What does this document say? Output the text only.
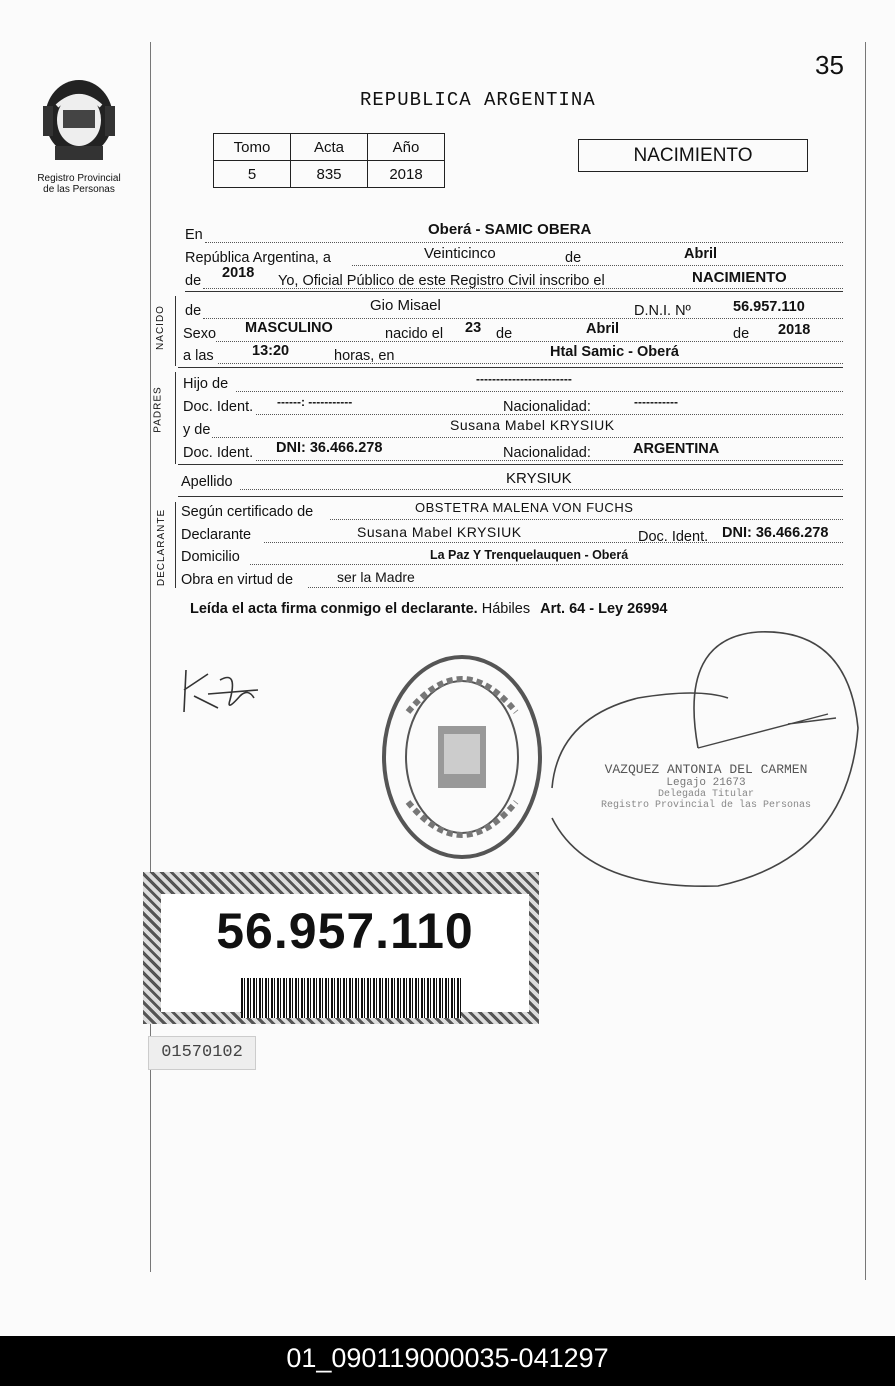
Registro Provincial de las Personas
35
REPUBLICA ARGENTINA
Tomo	Acta	Año
5	835	2018
NACIMIENTO
En	Oberá - SAMIC OBERA
República Argentina, a	Veinticinco	de	Abril
de 2018 Yo, Oficial Público de este Registro Civil inscribo el	NACIMIENTO
NACIDO de	Gio Misael	D.N.I. Nº	56.957.110
Sexo MASCULINO	nacido el 23 de	Abril	de 2018
a las	13:20	horas, en	Htal Samic - Oberá
PADRES
Hijo de	------------------------
Doc. Ident. ------: -----------	Nacionalidad:	-----------
y de	Susana Mabel KRYSIUK
Doc. Ident. DNI: 36.466.278	Nacionalidad:	ARGENTINA
Apellido	KRYSIUK
DECLARANTE Según certificado de	OBSTETRA MALENA VON FUCHS
Declarante	Susana Mabel KRYSIUK	Doc. Ident. DNI: 36.466.278
Domicilio	La Paz Y Trenquelauquen - Oberá
Obra en virtud de	ser la Madre
Leída el acta firma conmigo el declarante. Hábiles Art. 64 - Ley 26994
VAZQUEZ ANTONIA DEL CARMEN
Legajo 21673
Delegada Titular
Registro Provincial de las Personas
56.957.110
01570102
01_090119000035-041297
